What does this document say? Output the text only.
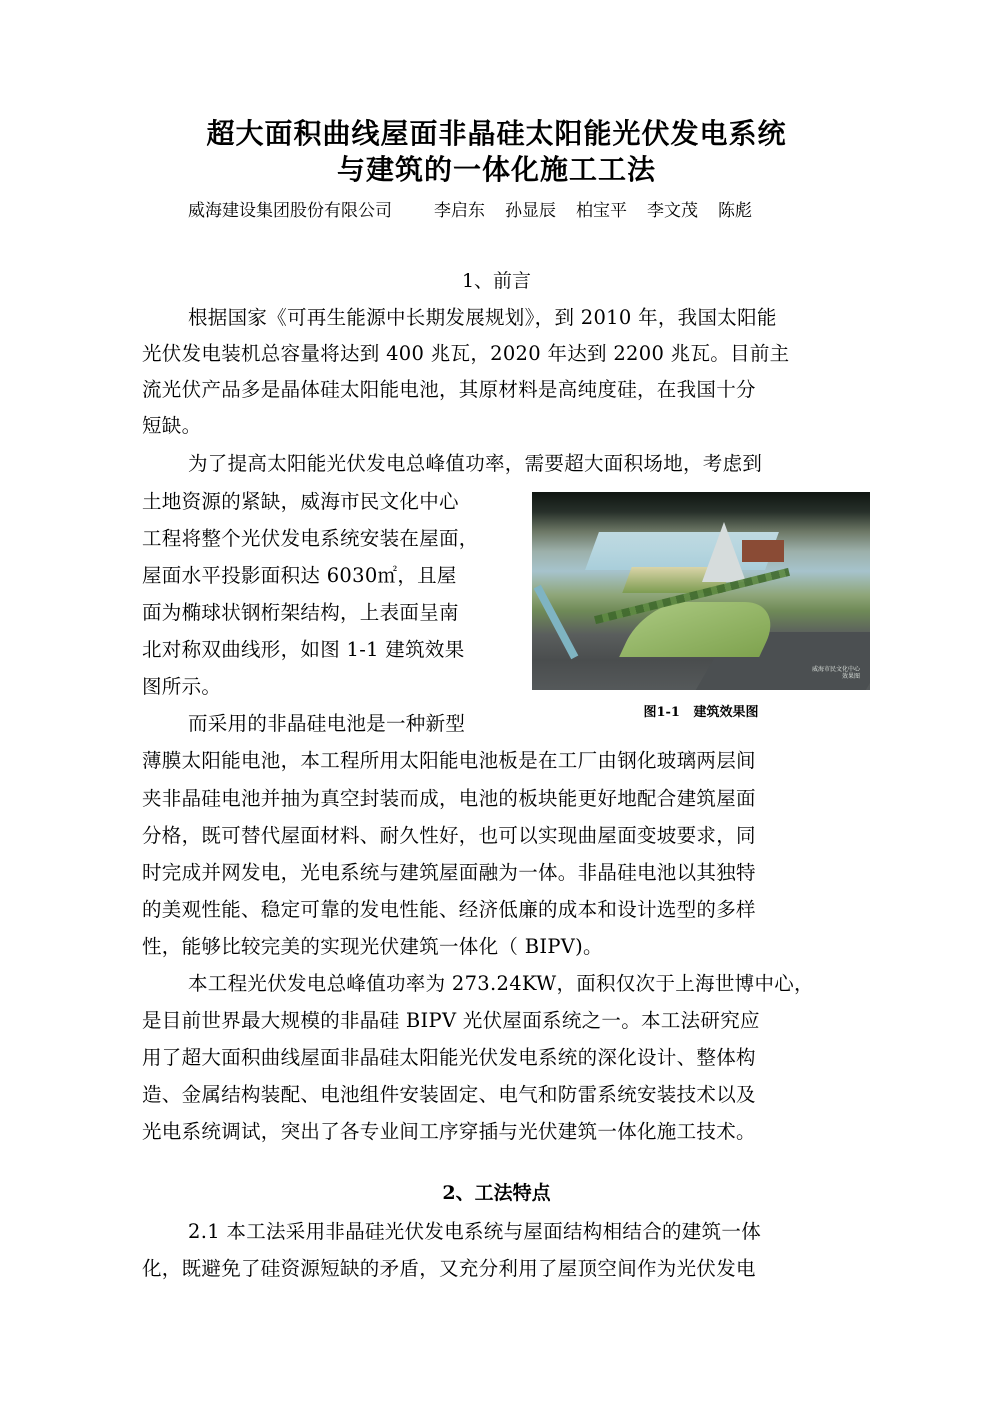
超大面积曲线屋面非晶硅太阳能光伏发电系统
与建筑的一体化施工工法
威海建设集团股份有限公司 李启东 孙显辰 柏宝平 李文茂 陈彪
1、前言
根据国家《可再生能源中长期发展规划》，到 2010 年，我国太阳能
光伏发电装机总容量将达到 400 兆瓦，2020 年达到 2200 兆瓦。目前主
流光伏产品多是晶体硅太阳能电池，其原材料是高纯度硅，在我国十分
短缺。
为了提高太阳能光伏发电总峰值功率，需要超大面积场地，考虑到
土地资源的紧缺，威海市民文化中心
工程将整个光伏发电系统安装在屋面，
屋面水平投影面积达 6030㎡，且屋
面为椭球状钢桁架结构，上表面呈南
北对称双曲线形，如图 1-1 建筑效果
图所示。
威海市民文化中心
效果图
图1-1   建筑效果图
而采用的非晶硅电池是一种新型
薄膜太阳能电池，本工程所用太阳能电池板是在工厂由钢化玻璃两层间
夹非晶硅电池并抽为真空封装而成，电池的板块能更好地配合建筑屋面
分格，既可替代屋面材料、耐久性好，也可以实现曲屋面变坡要求，同
时完成并网发电，光电系统与建筑屋面融为一体。非晶硅电池以其独特
的美观性能、稳定可靠的发电性能、经济低廉的成本和设计选型的多样
性，能够比较完美的实现光伏建筑一体化（ BIPV)。
本工程光伏发电总峰值功率为 273.24KW，面积仅次于上海世博中心，
是目前世界最大规模的非晶硅 BIPV 光伏屋面系统之一。本工法研究应
用了超大面积曲线屋面非晶硅太阳能光伏发电系统的深化设计、整体构
造、金属结构装配、电池组件安装固定、电气和防雷系统安装技术以及
光电系统调试，突出了各专业间工序穿插与光伏建筑一体化施工技术。
2、工法特点
2.1 本工法采用非晶硅光伏发电系统与屋面结构相结合的建筑一体
化，既避免了硅资源短缺的矛盾，又充分利用了屋顶空间作为光伏发电
